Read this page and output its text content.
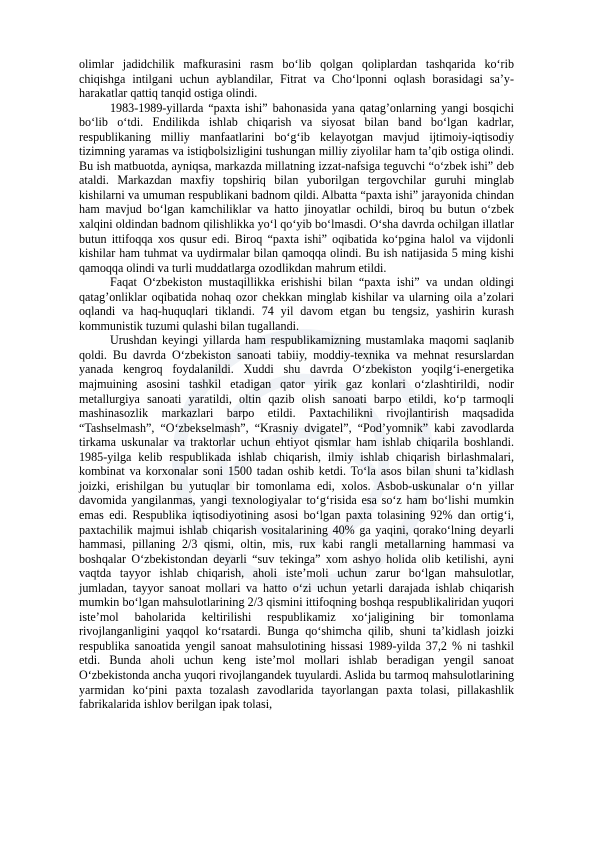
olimlar jadidchilik mafkurasini rasm bo‘lib qolgan qoliplardan tashqarida ko‘rib chiqishga intilgani uchun ayblandilar, Fitrat va Cho‘lponni oqlash borasidagi sa’y-harakatlar qattiq tanqid ostiga olindi.

1983-1989-yillarda “paxta ishi” bahonasida yana qatag’onlarning yangi bosqichi bo‘lib o‘tdi. Endilikda ishlab chiqarish va siyosat bilan band bo‘lgan kadrlar, respublikaning milliy manfaatlarini bo‘g‘ib kelayotgan mavjud ijtimoiy-iqtisodiy tizimning yaramas va istiqbolsizligini tushungan milliy ziyolilar ham ta’qib ostiga olindi. Bu ish matbuotda, ayniqsa, markazda millatning izzat-nafsiga teguvchi “o‘zbek ishi” deb ataldi. Markazdan maxfiy topshiriq bilan yuborilgan tergovchilar guruhi minglab kishilarni va umuman respublikani badnom qildi. Albatta “paxta ishi” jarayonida chindan ham mavjud bo‘lgan kamchiliklar va hatto jinoyatlar ochildi, biroq bu butun o‘zbek xalqini oldindan badnom qilishlikka yo‘l qo‘yib bo‘lmasdi. O‘sha davrda ochilgan illatlar butun ittifoqqa xos qusur edi. Biroq “paxta ishi” oqibatida ko‘pgina halol va vijdonli kishilar ham tuhmat va uydirmalar bilan qamoqqa olindi. Bu ish natijasida 5 ming kishi qamoqqa olindi va turli muddatlarga ozodlikdan mahrum etildi.

Faqat O‘zbekiston mustaqillikka erishishi bilan “paxta ishi” va undan oldingi qatag’onliklar oqibatida nohaq ozor chekkan minglab kishilar va ularning oila a’zolari oqlandi va haq-huquqlari tiklandi. 74 yil davom etgan bu tengsiz, yashirin kurash kommunistik tuzumi qulashi bilan tugallandi.

Urushdan keyingi yillarda ham respublikamizning mustamlaka maqomi saqlanib qoldi. Bu davrda O‘zbekiston sanoati tabiiy, moddiy-texnika va mehnat resurslardan yanada kengroq foydalanildi. Xuddi shu davrda O‘zbekiston yoqilg‘i-energetika majmuining asosini tashkil etadigan qator yirik gaz konlari o‘zlashtirildi, nodir metallurgiya sanoati yaratildi, oltin qazib olish sanoati barpo etildi, ko‘p tarmoqli mashinasozlik markazlari barpo etildi. Paxtachilikni rivojlantirish maqsadida “Tashselmash”, “O‘zbekselmash”, “Krasniy dvigatel”, “Pod’yomnik” kabi zavodlarda tirkama uskunalar va traktorlar uchun ehtiyot qismlar ham ishlab chiqarila boshlandi. 1985-yilga kelib respublikada ishlab chiqarish, ilmiy ishlab chiqarish birlashmalari, kombinat va korxonalar soni 1500 tadan oshib ketdi. To‘la asos bilan shuni ta’kidlash joizki, erishilgan bu yutuqlar bir tomonlama edi, xolos. Asbob-uskunalar o‘n yillar davomida yangilanmas, yangi texnologiyalar to‘g‘risida esa so‘z ham bo‘lishi mumkin emas edi. Respublika iqtisodiyotining asosi bo‘lgan paxta tolasining 92% dan ortig‘i, paxtachilik majmui ishlab chiqarish vositalarining 40% ga yaqini, qorako‘lning deyarli hammasi, pillaning 2/3 qismi, oltin, mis, rux kabi rangli metallarning hammasi va boshqalar O‘zbekistondan deyarli “suv tekinga” xom ashyo holida olib ketilishi, ayni vaqtda tayyor ishlab chiqarish, aholi iste’moli uchun zarur bo‘lgan mahsulotlar, jumladan, tayyor sanoat mollari va hatto o‘zi uchun yetarli darajada ishlab chiqarish mumkin bo‘lgan mahsulotlarining 2/3 qismini ittifoqning boshqa respublikaliridan yuqori iste’mol baholarida keltirilishi respublikamiz xo‘jaligining bir tomonlama rivojlanganligini yaqqol ko‘rsatardi. Bunga qo‘shimcha qilib, shuni ta’kidlash joizki respublika sanoatida yengil sanoat mahsulotining hissasi 1989-yilda 37,2 % ni tashkil etdi. Bunda aholi uchun keng iste’mol mollari ishlab beradigan yengil sanoat O‘zbekistonda ancha yuqori rivojlangandek tuyulardi. Aslida bu tarmoq mahsulotlarining yarmidan ko‘pini paxta tozalash zavodlarida tayorlangan paxta tolasi, pillakashlik fabrikalarida ishlov berilgan ipak tolasi,
